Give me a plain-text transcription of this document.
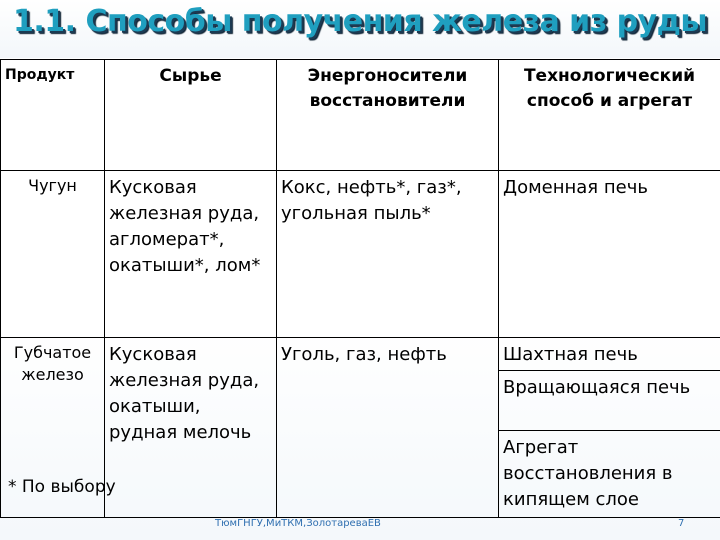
1.1. Способы получения железа из руды
Продукт	Сырье	Энергоносители восстановители	Технологический способ и агрегат
Чугун	Кусковая железная руда, агломерат*, окатыши*, лом*	Кокс, нефть*, газ*, угольная пыль*	Доменная печь
Губчатое железо	Кусковая железная руда, окатыши, рудная мелочь	Уголь, газ, нефть	Шахтная печь
			Вращающаяся печь
			Агрегат восстановления в кипящем слое
* По выбору
ТюмГНГУ,МиТКМ,ЗолотареваЕВ	7
